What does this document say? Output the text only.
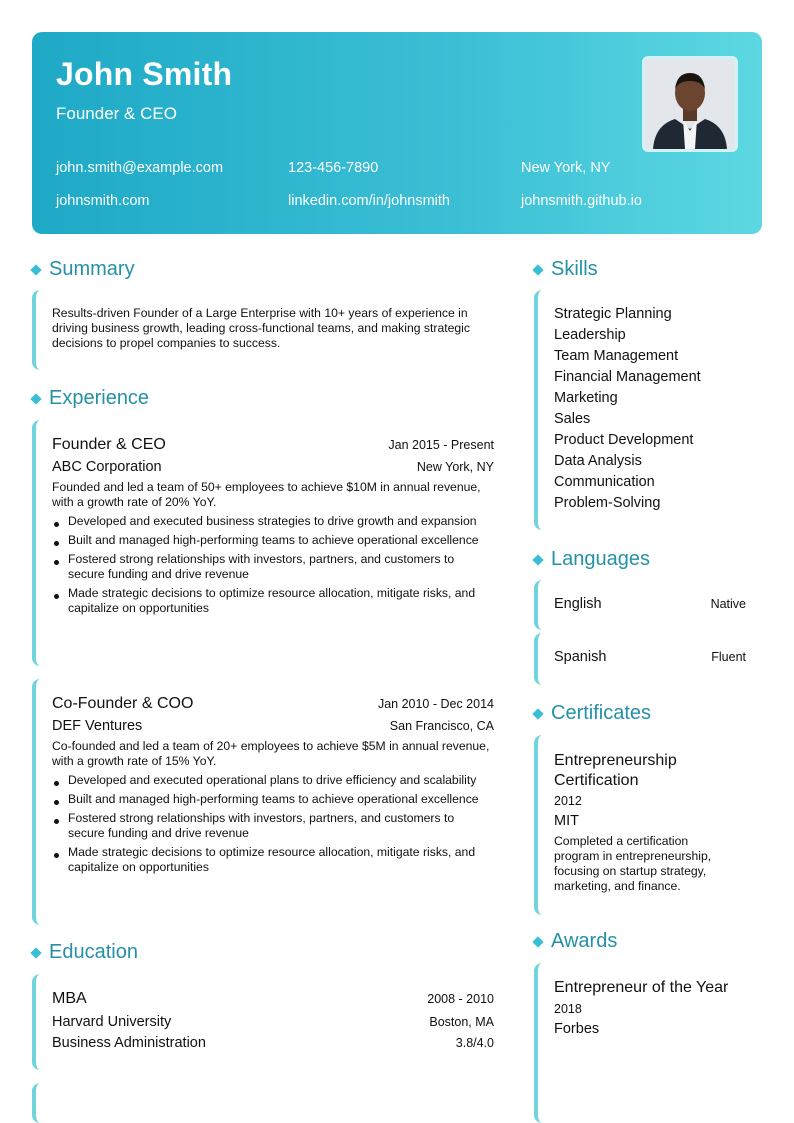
John Smith
Founder & CEO
john.smith@example.com	123-456-7890	New York, NY
johnsmith.com	linkedin.com/in/johnsmith	johnsmith.github.io
Summary
Results-driven Founder of a Large Enterprise with 10+ years of experience in driving business growth, leading cross-functional teams, and making strategic decisions to propel companies to success.
Experience
Founder & CEO	Jan 2015 - Present
ABC Corporation	New York, NY
Founded and led a team of 50+ employees to achieve $10M in annual revenue, with a growth rate of 20% YoY.
Developed and executed business strategies to drive growth and expansion
Built and managed high-performing teams to achieve operational excellence
Fostered strong relationships with investors, partners, and customers to secure funding and drive revenue
Made strategic decisions to optimize resource allocation, mitigate risks, and capitalize on opportunities
Co-Founder & COO	Jan 2010 - Dec 2014
DEF Ventures	San Francisco, CA
Co-founded and led a team of 20+ employees to achieve $5M in annual revenue, with a growth rate of 15% YoY.
Developed and executed operational plans to drive efficiency and scalability
Built and managed high-performing teams to achieve operational excellence
Fostered strong relationships with investors, partners, and customers to secure funding and drive revenue
Made strategic decisions to optimize resource allocation, mitigate risks, and capitalize on opportunities
Education
MBA	2008 - 2010
Harvard University	Boston, MA
Business Administration	3.8/4.0
Skills
Strategic Planning
Leadership
Team Management
Financial Management
Marketing
Sales
Product Development
Data Analysis
Communication
Problem-Solving
Languages
English	Native
Spanish	Fluent
Certificates
Entrepreneurship Certification
2012
MIT
Completed a certification program in entrepreneurship, focusing on startup strategy, marketing, and finance.
Awards
Entrepreneur of the Year
2018
Forbes
